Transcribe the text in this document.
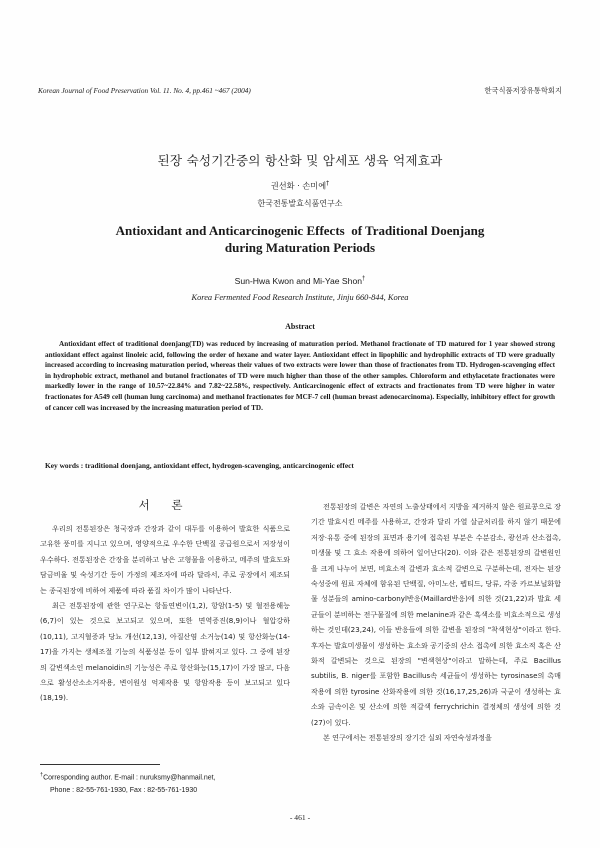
Korean Journal of Food Preservation Vol. 11. No. 4, pp.461 ~467 (2004)	한국식품저장유통학회지
된장 숙성기간중의 항산화 및 암세포 생육 억제효과
권선화 · 손미예†
한국전통발효식품연구소
Antioxidant and Anticarcinogenic Effects  of Traditional Doenjang
during Maturation Periods
Sun-Hwa Kwon and Mi-Yae Shon†
Korea Fermented Food Research Institute, Jinju 660-844, Korea
Abstract

Antioxidant effect of traditional doenjang(TD) was reduced by increasing of maturation period. Methanol fractionate of TD matured for 1 year showed strong antioxidant effect against linoleic acid, following the order of hexane and water layer. Antioxidant effect in lipophilic and hydrophilic extracts of TD were gradually increased according to increasing maturation period, whereas their values of two extracts were lower than those of fractionates from TD. Hydrogen-scavenging effect in hydrophobic extract, methanol and butanol fractionates of TD were much higher than those of the other samples. Chloroform and ethylacetate fractionates were markedly lower in the range of 10.57~22.84% and 7.82~22.58%, respectively. Anticarcinogenic effect of extracts and fractionates from TD were higher in water fractionates for A549 cell (human lung carcinoma) and methanol fractionates for MCF-7 cell (human breast adenocarcinoma). Especially, inhibitory effect for growth of cancer cell was increased by the increasing maturation period of TD.

Key words : traditional doenjang, antioxidant effect, hydrogen-scavenging, anticarcinogenic effect
서 론

우리의 전통된장은 청국장과 간장과 같이 대두를 이용하여 발효한 식품으로 고유한 풍미를 지니고 있으며, 영양적으로 우수한 단백질 공급원으로서 저장성이 우수하다. 전통된장은 간장을 분리하고 남은 고형물을 이용하고, 메주의 발효도와 담금비율 및 숙성기간 등이 가정의 제조자에 따라 달라서, 주로 공장에서 제조되는 종국된장에 비하여 제품에 따라 품질 차이가 많이 나타난다.

최근 전통된장에 관한 연구로는 항돌연변이(1,2), 항암(1-5) 및 혈전용해능(6,7)이 있는 것으로 보고되고 있으며, 또한 면역증진(8,9)이나 혈압강하 (10,11), 고지혈증과 당뇨 개선(12,13), 아질산염 소거능(14) 및 항산화능(14-17)을 가지는 생체조절 기능의 식품성분 등이 일부 밝혀지고 있다. 그 중에 된장의 갈변색소인 melanoidin의 기능성은 주로 항산화능(15,17)이 가장 많고, 다음으로 활성산소소거작용, 변이원성 억제작용 및 항암작용 등이 보고되고 있다(18,19).

전통된장의 갈변은 자연의 노출상태에서 지방을 제거하지 않은 원료콩으로 장기간 발효시킨 메주를 사용하고, 간장과 달리 가열 살균처리를 하지 않기 때문에 저장·유통 중에 된장의 표면과 용기에 접촉된 부분은 수분감소, 광선과 산소접촉, 미생물 및 그 효소 작용에 의하여 일어난다(20). 이와 같은 전통된장의 갈변원인을 크게 나누어 보면, 비효소적 갈변과 효소적 갈변으로 구분하는데, 전자는 된장 숙성중에 원료 자체에 함유된 단백질, 아미노산, 펩티드, 당류, 각종 카르보닐화합물 성분들의 amino-carbonyl반응(Maillard반응)에 의한 것(21,22)과 발효 세균들이 분비하는 전구물질에 의한 melanine과 같은 흑색소를 비효소적으로 생성하는 것인데(23,24), 이들 반응들에 의한 갈변을 된장의 "착색현상"이라고 한다. 후자는 발효미생물이 생성하는 효소와 공기중의 산소 접촉에 의한 효소적 혹은 산화적 갈변되는 것으로 된장의 "변색현상"이라고 말하는데, 주로 Bacillus subtilis, B. niger를 포함한 Bacillus속 세균들이 생성하는 tyrosinase의 촉매작용에 의한 tyrosine 산화작용에 의한 것(16,17,25,26)과 국균이 생성하는 효소와 금속이온 및 산소에 의한 적갈색 ferrychrichin 결정체의 생성에 의한 것(27)이 있다.

본 연구에서는 전통된장의 장기간 실외 자연숙성과정을

†Corresponding author. E-mail : nuruksmy@hanmail.net,
Phone : 82-55-761-1930, Fax : 82-55-761-1930
- 461 -
